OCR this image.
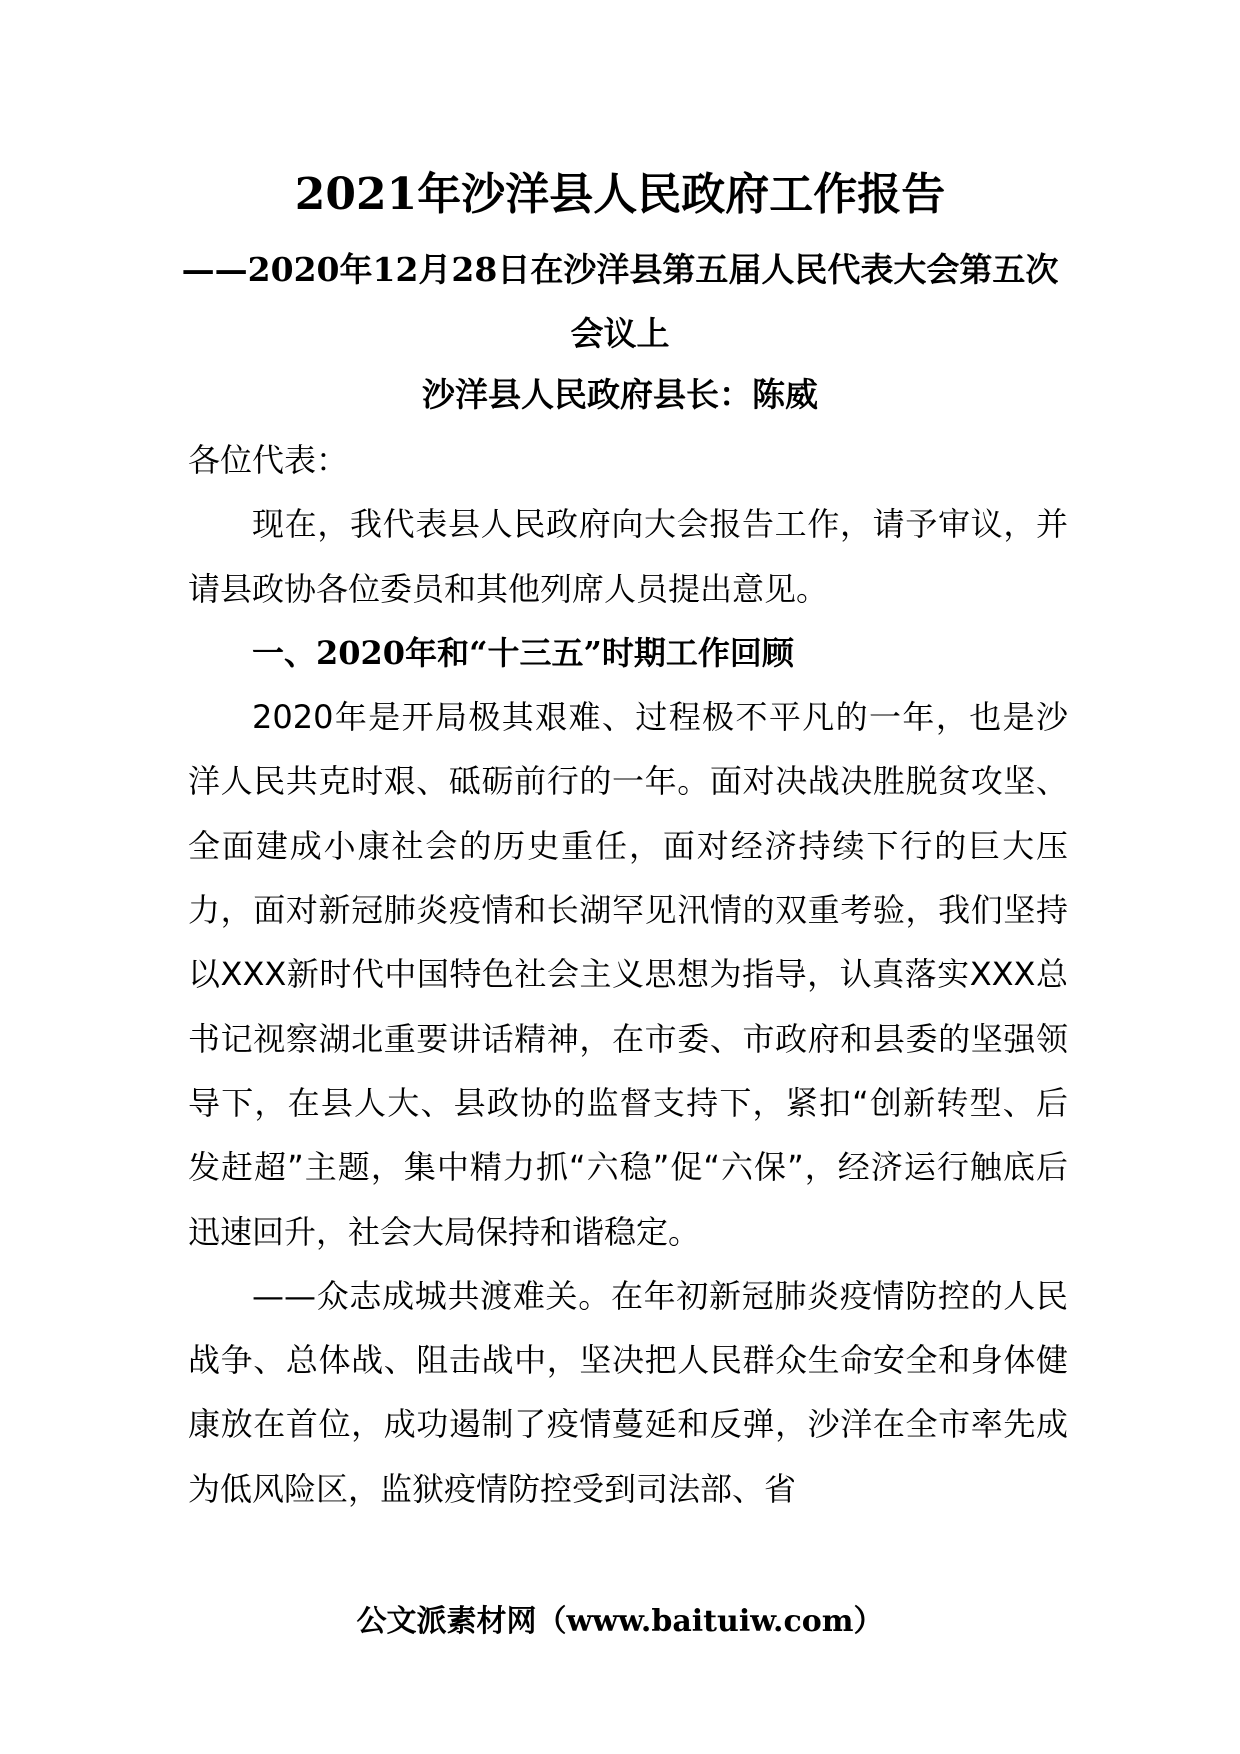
2021年沙洋县人民政府工作报告
——2020年12月28日在沙洋县第五届人民代表大会第五次会议上
沙洋县人民政府县长：陈威

各位代表：

现在，我代表县人民政府向大会报告工作，请予审议，并请县政协各位委员和其他列席人员提出意见。

一、2020年和“十三五”时期工作回顾

2020年是开局极其艰难、过程极不平凡的一年，也是沙洋人民共克时艰、砥砺前行的一年。面对决战决胜脱贫攻坚、全面建成小康社会的历史重任，面对经济持续下行的巨大压力，面对新冠肺炎疫情和长湖罕见汛情的双重考验，我们坚持以XXX新时代中国特色社会主义思想为指导，认真落实XXX总书记视察湖北重要讲话精神，在市委、市政府和县委的坚强领导下，在县人大、县政协的监督支持下，紧扣“创新转型、后发赶超”主题，集中精力抓“六稳”促“六保”，经济运行触底后迅速回升，社会大局保持和谐稳定。

——众志成城共渡难关。在年初新冠肺炎疫情防控的人民战争、总体战、阻击战中，坚决把人民群众生命安全和身体健康放在首位，成功遏制了疫情蔓延和反弹，沙洋在全市率先成为低风险区，监狱疫情防控受到司法部、省

公文派素材网（www.baituiw.com）
